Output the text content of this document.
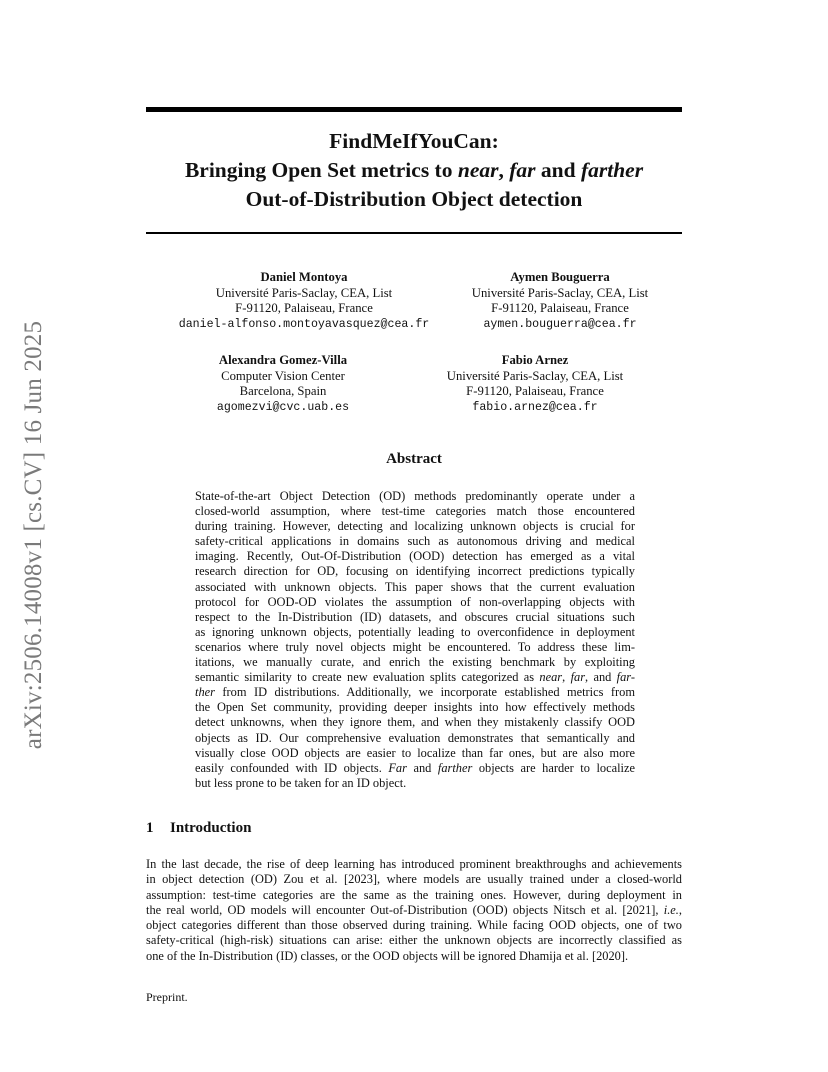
arXiv:2506.14008v1 [cs.CV] 16 Jun 2025
FindMeIfYouCan:
Bringing Open Set metrics to near, far and farther
Out-of-Distribution Object detection
Daniel Montoya
Université Paris-Saclay, CEA, List
F-91120, Palaiseau, France
daniel-alfonso.montoyavasquez@cea.fr
Aymen Bouguerra
Université Paris-Saclay, CEA, List
F-91120, Palaiseau, France
aymen.bouguerra@cea.fr
Alexandra Gomez-Villa
Computer Vision Center
Barcelona, Spain
agomezvi@cvc.uab.es
Fabio Arnez
Université Paris-Saclay, CEA, List
F-91120, Palaiseau, France
fabio.arnez@cea.fr
Abstract
State-of-the-art Object Detection (OD) methods predominantly operate under a
closed-world assumption, where test-time categories match those encountered
during training. However, detecting and localizing unknown objects is crucial for
safety-critical applications in domains such as autonomous driving and medical
imaging. Recently, Out-Of-Distribution (OOD) detection has emerged as a vital
research direction for OD, focusing on identifying incorrect predictions typically
associated with unknown objects. This paper shows that the current evaluation
protocol for OOD-OD violates the assumption of non-overlapping objects with
respect to the In-Distribution (ID) datasets, and obscures crucial situations such
as ignoring unknown objects, potentially leading to overconfidence in deployment
scenarios where truly novel objects might be encountered. To address these lim-
itations, we manually curate, and enrich the existing benchmark by exploiting
semantic similarity to create new evaluation splits categorized as near, far, and far-
ther from ID distributions. Additionally, we incorporate established metrics from
the Open Set community, providing deeper insights into how effectively methods
detect unknowns, when they ignore them, and when they mistakenly classify OOD
objects as ID. Our comprehensive evaluation demonstrates that semantically and
visually close OOD objects are easier to localize than far ones, but are also more
easily confounded with ID objects. Far and farther objects are harder to localize
but less prone to be taken for an ID object.
1 Introduction
In the last decade, the rise of deep learning has introduced prominent breakthroughs and achievements
in object detection (OD) Zou et al. [2023], where models are usually trained under a closed-world
assumption: test-time categories are the same as the training ones. However, during deployment in
the real world, OD models will encounter Out-of-Distribution (OOD) objects Nitsch et al. [2021], i.e.,
object categories different than those observed during training. While facing OOD objects, one of two
safety-critical (high-risk) situations can arise: either the unknown objects are incorrectly classified as
one of the In-Distribution (ID) classes, or the OOD objects will be ignored Dhamija et al. [2020].
Preprint.
